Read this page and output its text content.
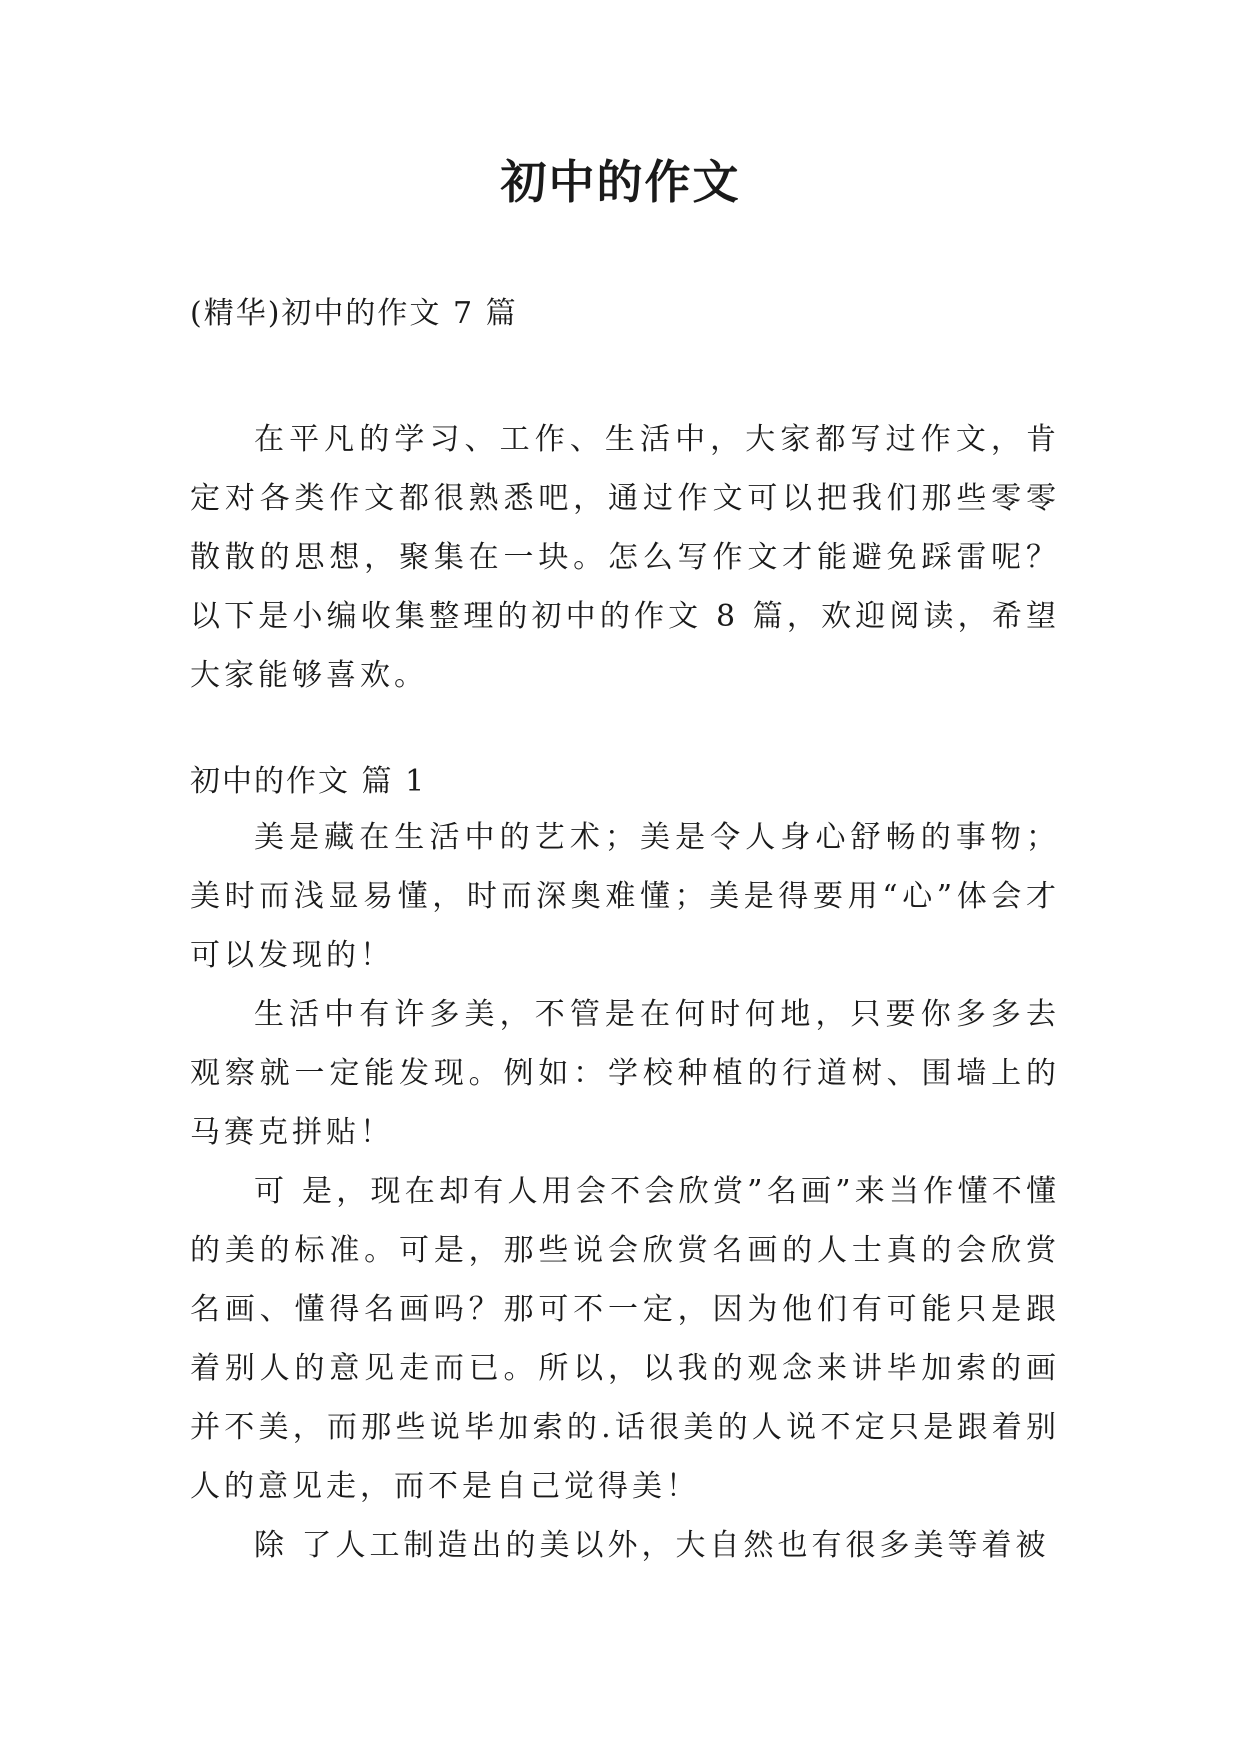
初中的作文

(精华)初中的作文 7 篇

在平凡的学习、工作、生活中，大家都写过作文，肯定对各类作文都很熟悉吧，通过作文可以把我们那些零零散散的思想，聚集在一块。怎么写作文才能避免踩雷呢？以下是小编收集整理的初中的作文 8 篇，欢迎阅读，希望大家能够喜欢。

初中的作文 篇 1

美是藏在生活中的艺术；美是令人身心舒畅的事物；美时而浅显易懂，时而深奥难懂；美是得要用“心”体会才可以发现的！

生活中有许多美，不管是在何时何地，只要你多多去观察就一定能发现。例如：学校种植的行道树、围墙上的马赛克拼贴！

可 是，现在却有人用会不会欣赏”名画”来当作懂不懂的美的标准。可是，那些说会欣赏名画的人士真的会欣赏名画、懂得名画吗？那可不一定，因为他们有可能只是跟着别人的意见走而已。所以，以我的观念来讲毕加索的画并不美，而那些说毕加索的.话很美的人说不定只是跟着别人的意见走，而不是自己觉得美！

除 了人工制造出的美以外，大自然也有很多美等着被
